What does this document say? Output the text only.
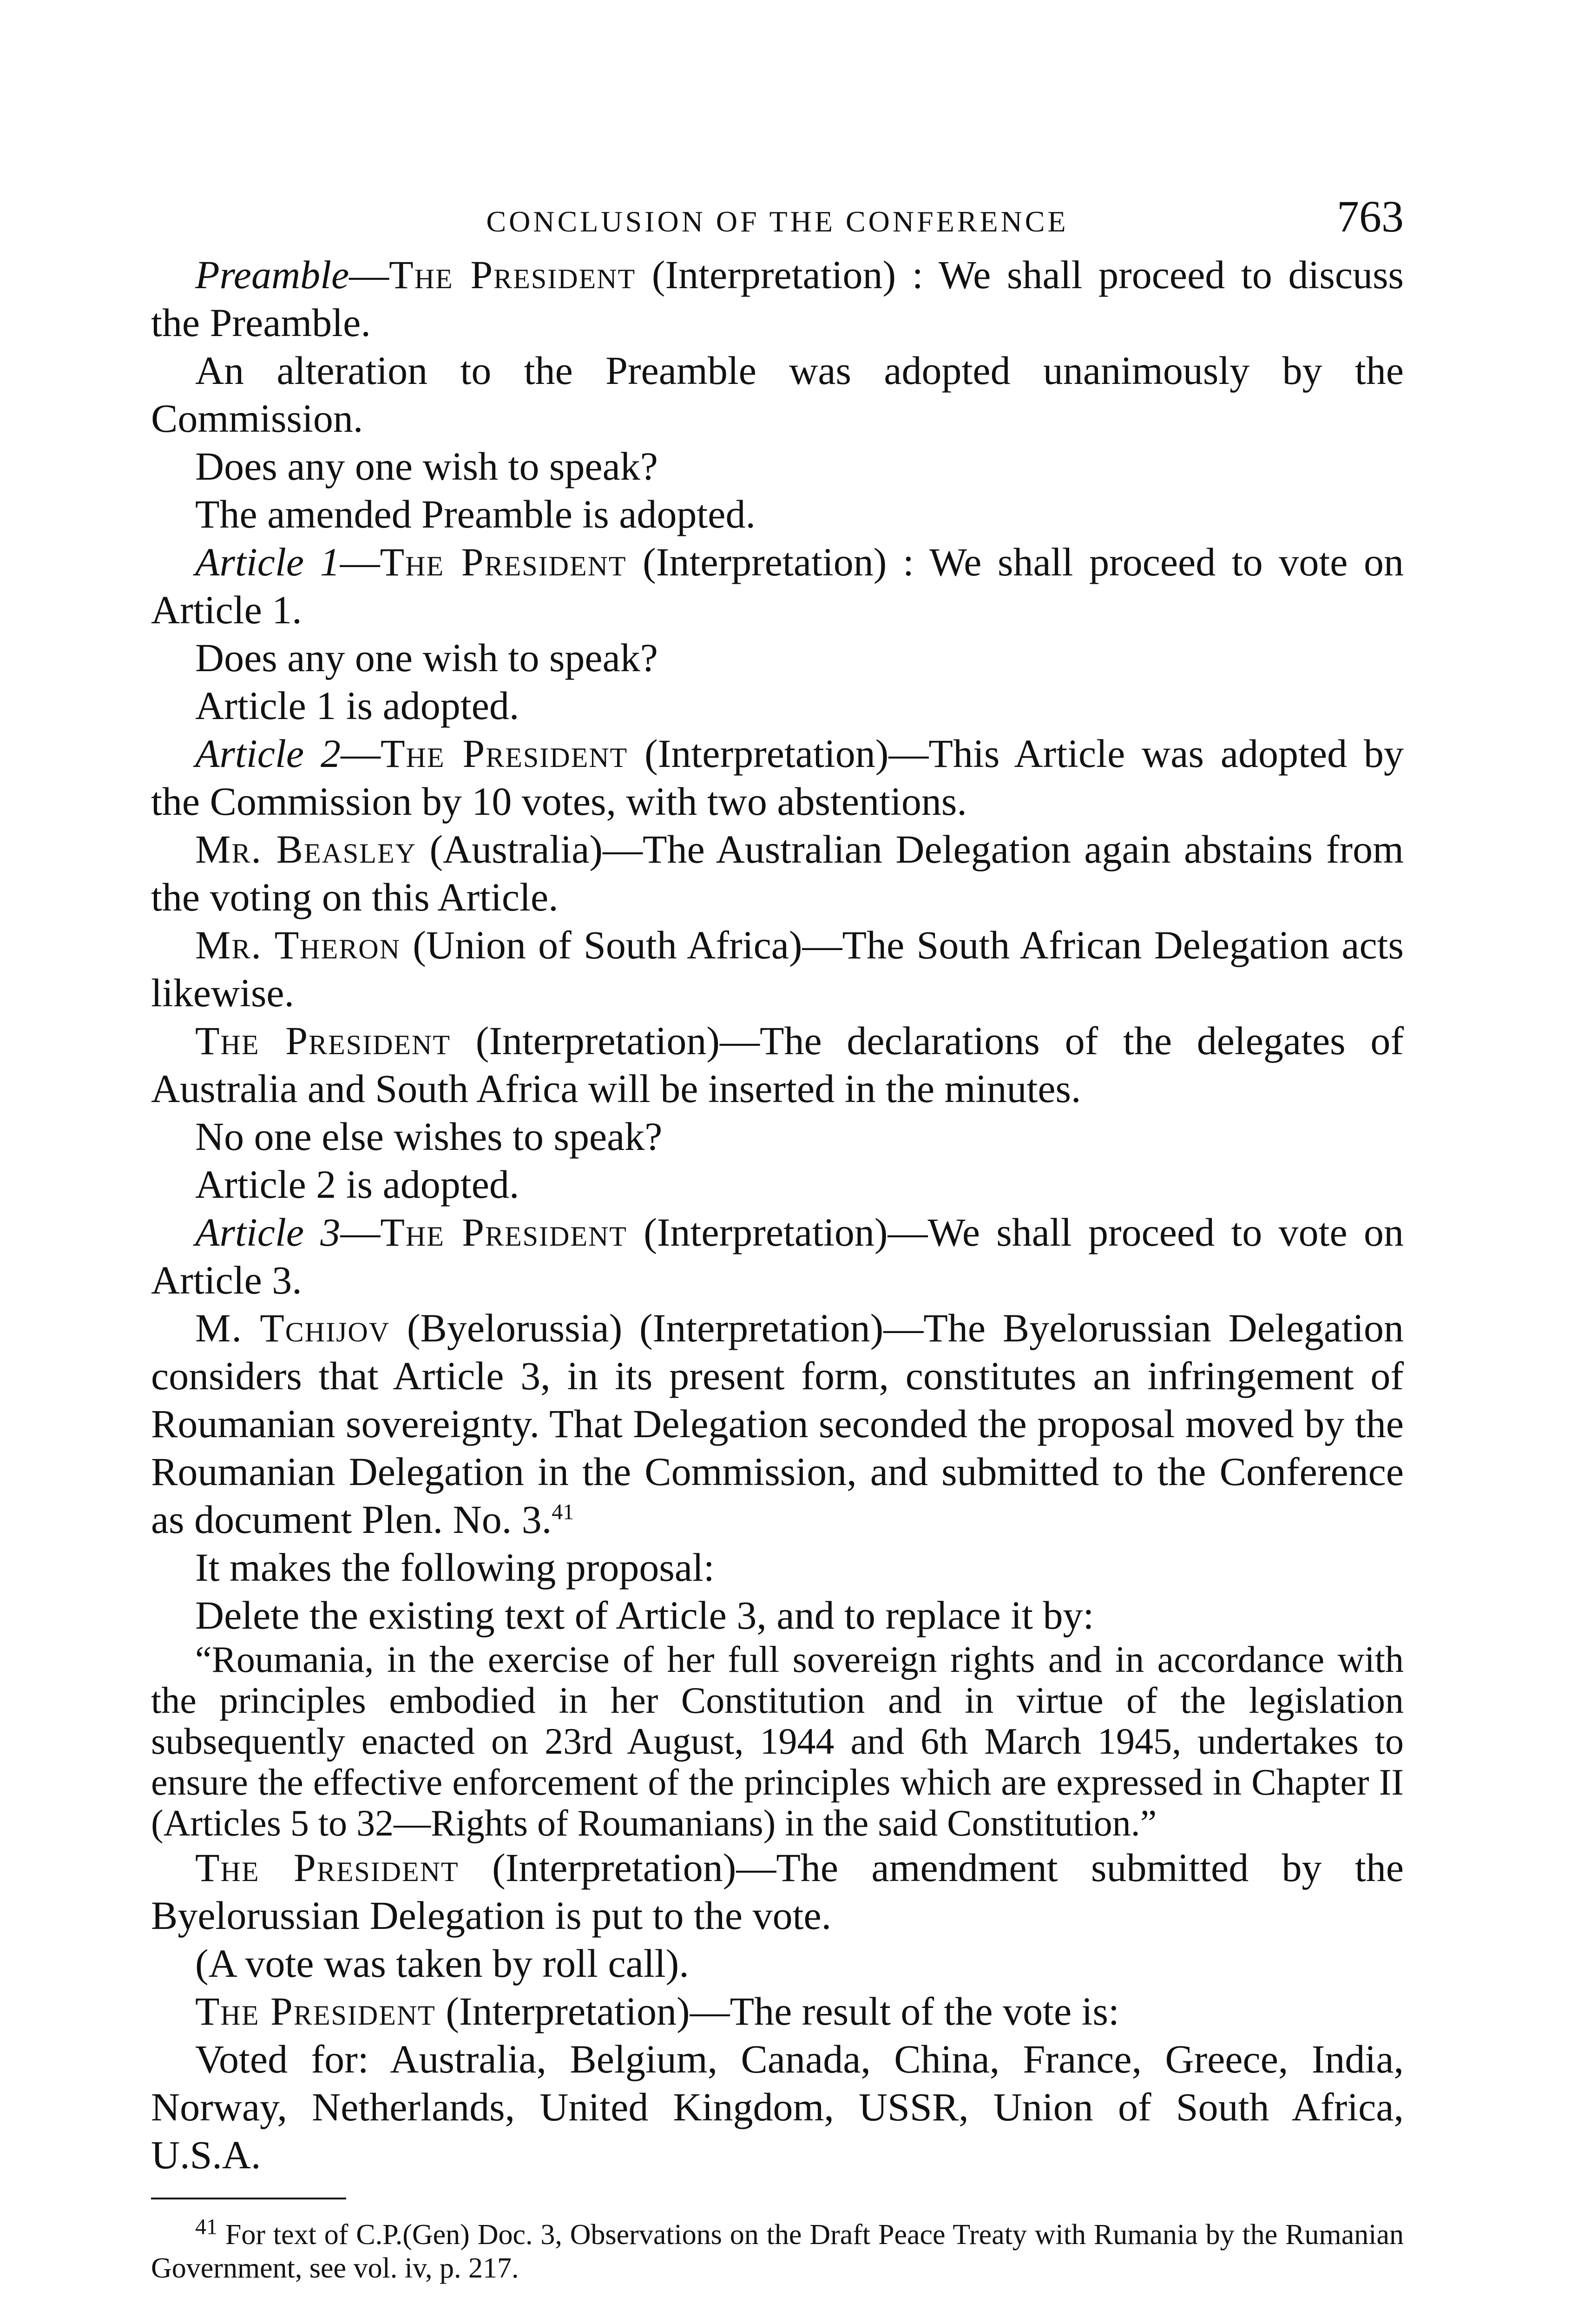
CONCLUSION OF THE CONFERENCE	763

Preamble—The President (Interpretation) : We shall proceed to discuss the Preamble.

An alteration to the Preamble was adopted unanimously by the Commission.

Does any one wish to speak?

The amended Preamble is adopted.

Article 1—The President (Interpretation) : We shall proceed to vote on Article 1.

Does any one wish to speak?

Article 1 is adopted.

Article 2—The President (Interpretation)—This Article was adopted by the Commission by 10 votes, with two abstentions.

Mr. Beasley (Australia)—The Australian Delegation again abstains from the voting on this Article.

Mr. Theron (Union of South Africa)—The South African Delegation acts likewise.

The President (Interpretation)—The declarations of the delegates of Australia and South Africa will be inserted in the minutes.

No one else wishes to speak?

Article 2 is adopted.

Article 3—The President (Interpretation)—We shall proceed to vote on Article 3.

M. Tchijov (Byelorussia) (Interpretation)—The Byelorussian Delegation considers that Article 3, in its present form, constitutes an infringement of Roumanian sovereignty. That Delegation seconded the proposal moved by the Roumanian Delegation in the Commission, and submitted to the Conference as document Plen. No. 3.41

It makes the following proposal:

Delete the existing text of Article 3, and to replace it by:

“Roumania, in the exercise of her full sovereign rights and in accordance with the principles embodied in her Constitution and in virtue of the legislation subsequently enacted on 23rd August, 1944 and 6th March 1945, undertakes to ensure the effective enforcement of the principles which are expressed in Chapter II (Articles 5 to 32—Rights of Roumanians) in the said Constitution.”

The President (Interpretation)—The amendment submitted by the Byelorussian Delegation is put to the vote.

(A vote was taken by roll call).

The President (Interpretation)—The result of the vote is:

Voted for: Australia, Belgium, Canada, China, France, Greece, India, Norway, Netherlands, United Kingdom, USSR, Union of South Africa, U.S.A.

$^{41}$ For text of C.P.(Gen) Doc. 3, Observations on the Draft Peace Treaty with Rumania by the Rumanian Government, see vol. iv, p. 217.
